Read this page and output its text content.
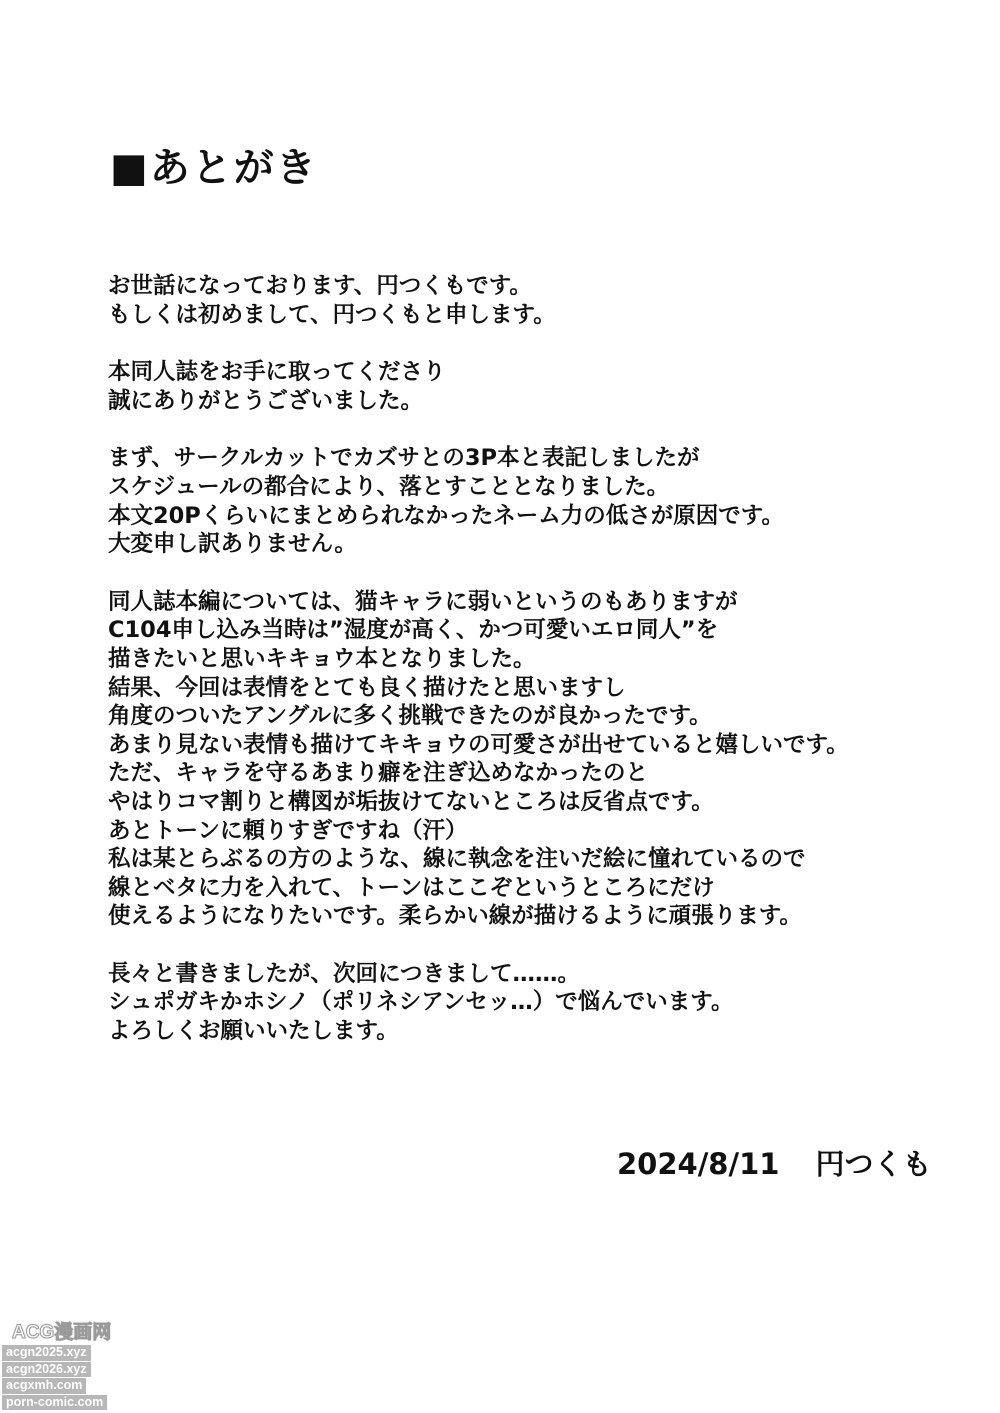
■あとがき
お世話になっております、円つくもです。
もしくは初めまして、円つくもと申します。
本同人誌をお手に取ってくださり
誠にありがとうございました。
まず、サークルカットでカズサとの3P本と表記しましたが
スケジュールの都合により、落とすこととなりました。
本文20Pくらいにまとめられなかったネーム力の低さが原因です。
大変申し訳ありません。
同人誌本編については、猫キャラに弱いというのもありますが
C104申し込み当時は”湿度が高く、かつ可愛いエロ同人”を
描きたいと思いキキョウ本となりました。
結果、今回は表情をとても良く描けたと思いますし
角度のついたアングルに多く挑戦できたのが良かったです。
あまり見ない表情も描けてキキョウの可愛さが出せていると嬉しいです。
ただ、キャラを守るあまり癖を注ぎ込めなかったのと
やはりコマ割りと構図が垢抜けてないところは反省点です。
あとトーンに頼りすぎですね（汗）
私は某とらぶるの方のような、線に執念を注いだ絵に憧れているので
線とベタに力を入れて、トーンはここぞというところにだけ
使えるようになりたいです。柔らかい線が描けるように頑張ります。
長々と書きましたが、次回につきまして……。
シュポガキかホシノ（ポリネシアンセッ…）で悩んでいます。
よろしくお願いいたします。
2024/8/11 円つくも
ACG漫画网
acgn2025.xyz
acgn2026.xyz
acgxmh.com
porn-comic.com
